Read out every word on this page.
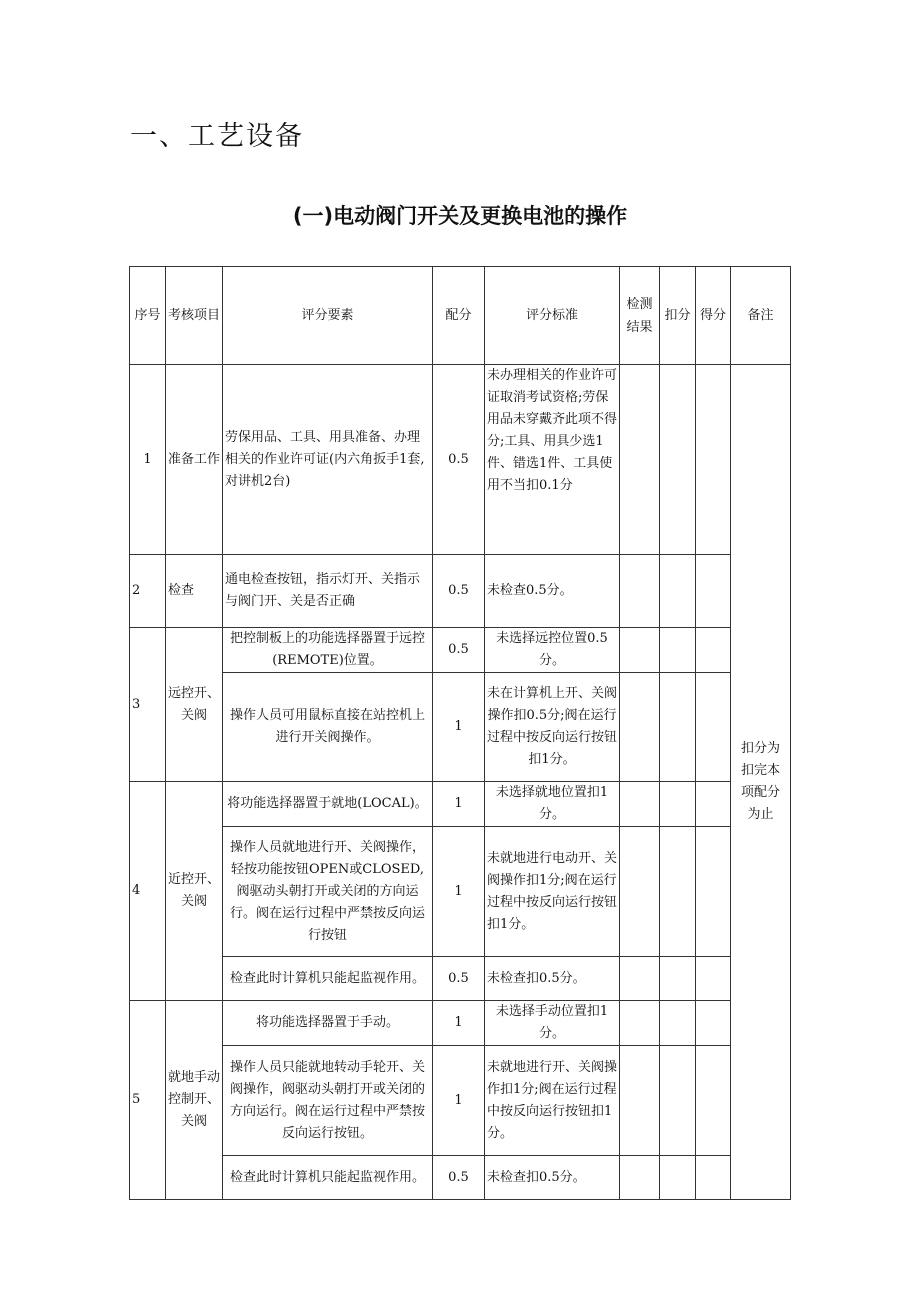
一、工艺设备
(一)电动阀门开关及更换电池的操作
序号	考核项目	评分要素	配分	评分标准	检测结果	扣分	得分	备注
1	准备工作	劳保用品、工具、用具准备、办理相关的作业许可证(内六角扳手1套,对讲机2台)	0.5	未办理相关的作业许可证取消考试资格;劳保用品未穿戴齐此项不得分;工具、用具少选1件、错选1件、工具使用不当扣0.1分				扣分为扣完本项配分为止
2	检查	通电检查按钮，指示灯开、关指示与阀门开、关是否正确	0.5	未检查0.5分。				
3	远控开、关阀	把控制板上的功能选择器置于远控(REMOTE)位置。	0.5	未选择远控位置0.5分。				
		操作人员可用鼠标直接在站控机上进行开关阀操作。	1	未在计算机上开、关阀操作扣0.5分;阀在运行过程中按反向运行按钮扣1分。				
4	近控开、关阀	将功能选择器置于就地(LOCAL)。	1	未选择就地位置扣1分。				
		操作人员就地进行开、关阀操作，轻按功能按钮OPEN或CLOSED,阀驱动头朝打开或关闭的方向运行。阀在运行过程中严禁按反向运行按钮	1	未就地进行电动开、关阀操作扣1分;阀在运行过程中按反向运行按钮扣1分。				
		检查此时计算机只能起监视作用。	0.5	未检查扣0.5分。				
5	就地手动控制开、关阀	将功能选择器置于手动。	1	未选择手动位置扣1分。				
		操作人员只能就地转动手轮开、关阀操作，阀驱动头朝打开或关闭的方向运行。阀在运行过程中严禁按反向运行按钮。	1	未就地进行开、关阀操作扣1分;阀在运行过程中按反向运行按钮扣1分。				
		检查此时计算机只能起监视作用。	0.5	未检查扣0.5分。				
